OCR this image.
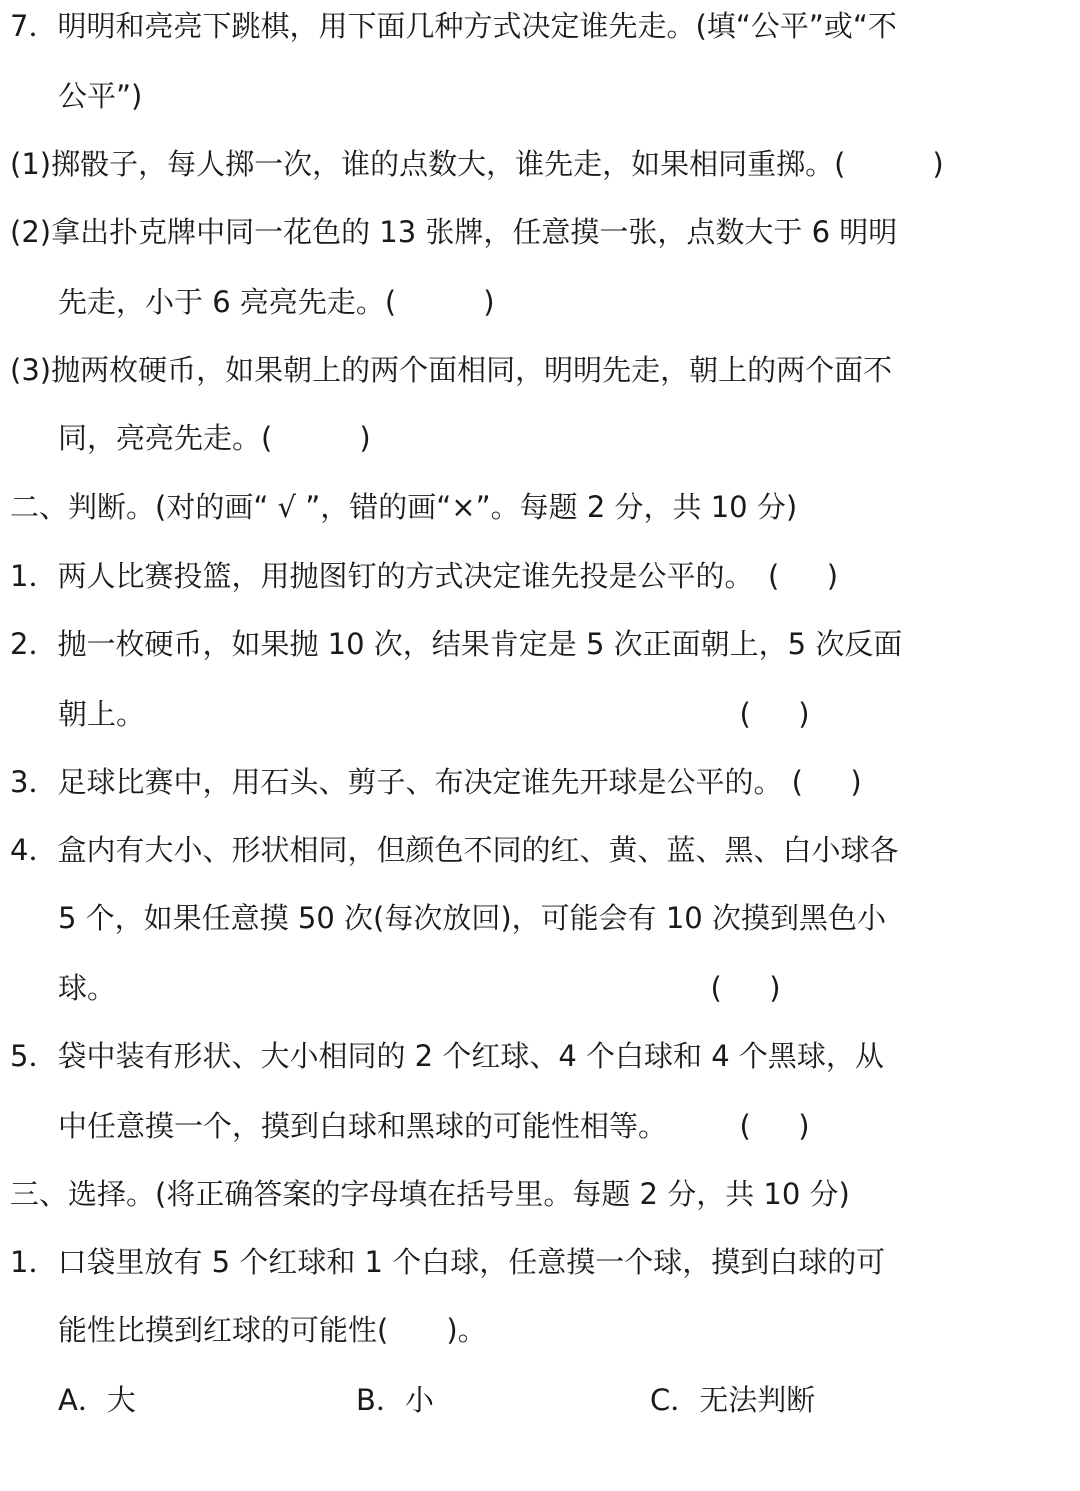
7．明明和亮亮下跳棋，用下面几种方式决定谁先走。(填“公平”或“不
公平”)
(1)掷骰子，每人掷一次，谁的点数大，谁先走，如果相同重掷。(　　　)
(2)拿出扑克牌中同一花色的 13 张牌，任意摸一张，点数大于 6 明明
先走，小于 6 亮亮先走。(　　　)
(3)抛两枚硬币，如果朝上的两个面相同，明明先走，朝上的两个面不
同，亮亮先走。(　　　)
二、判断。(对的画“ √ ”，错的画“×”。每题 2 分，共 10 分)
1．两人比赛投篮，用抛图钉的方式决定谁先投是公平的。　( 　 )
2．抛一枚硬币，如果抛 10 次，结果肯定是 5 次正面朝上，5 次反面
朝上。　　　　　　　　　　　　　　　　　　　　　( 　 )
3．足球比赛中，用石头、剪子、布决定谁先开球是公平的。 ( 　 )
4．盒内有大小、形状相同，但颜色不同的红、黄、蓝、黑、白小球各
5 个，如果任意摸 50 次(每次放回)，可能会有 10 次摸到黑色小
球。　　　　　　　　　　　　　　　　　　　　　( 　 )
5．袋中装有形状、大小相同的 2 个红球、4 个白球和 4 个黑球，从
中任意摸一个，摸到白球和黑球的可能性相等。　　　( 　 )
三、选择。(将正确答案的字母填在括号里。每题 2 分，共 10 分)
1．口袋里放有 5 个红球和 1 个白球，任意摸一个球，摸到白球的可
能性比摸到红球的可能性(　　)。
A．大	B．小	C．无法判断
